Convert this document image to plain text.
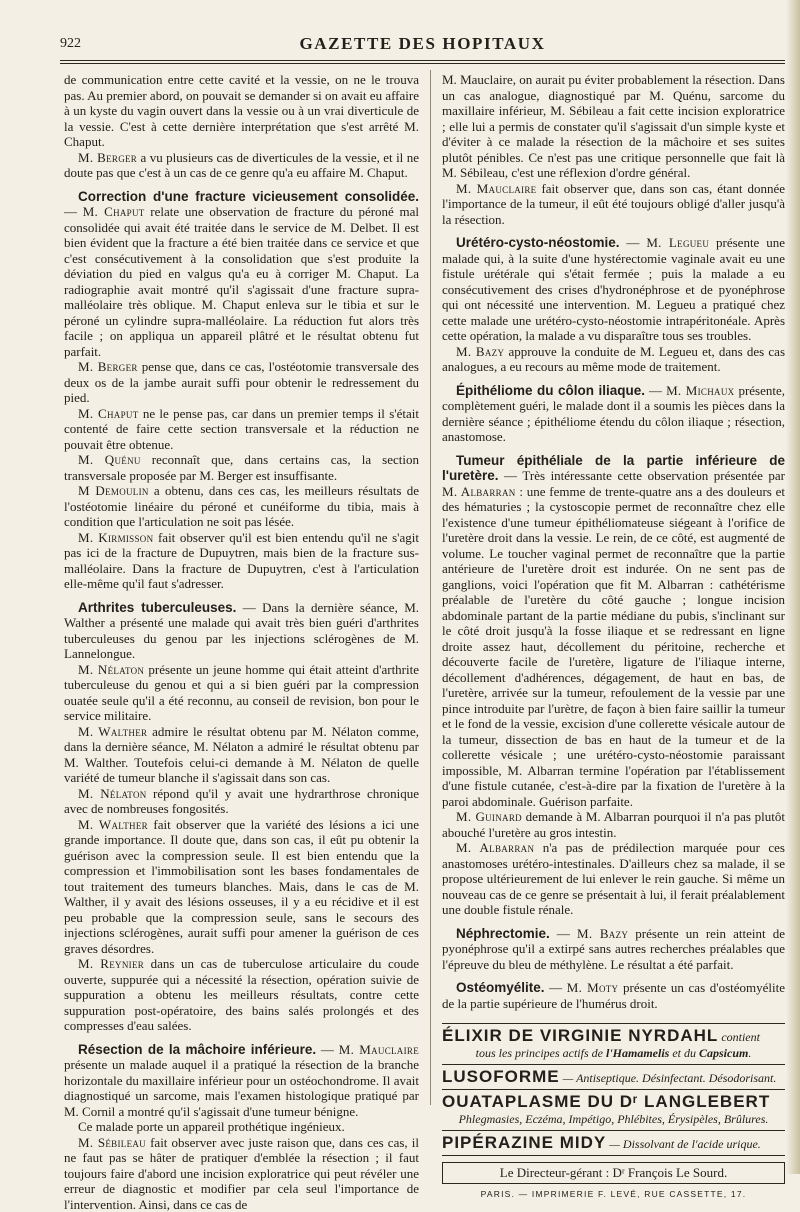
922	GAZETTE DES HOPITAUX

de communication entre cette cavité et la vessie, on ne le trouva pas. Au premier abord, on pouvait se demander si on avait eu affaire à un kyste du vagin ouvert dans la vessie ou à un vrai diverticule de la vessie. C'est à cette dernière interprétation que s'est arrêté M. Chaput.

M. Berger a vu plusieurs cas de diverticules de la vessie, et il ne doute pas que c'est à un cas de ce genre qu'a eu affaire M. Chaput.

Correction d'une fracture vicieusement consolidée. — M. Chaput relate une observation de fracture du péroné mal consolidée qui avait été traitée dans le service de M. Delbet. Il est bien évident que la fracture a été bien traitée dans ce service et que c'est consécutivement à la consolidation que s'est produite la déviation du pied en valgus qu'a eu à corriger M. Chaput. La radiographie avait montré qu'il s'agissait d'une fracture supra-malléolaire très oblique. M. Chaput enleva sur le tibia et sur le péroné un cylindre supra-malléolaire. La réduction fut alors très facile ; on appliqua un appareil plâtré et le résultat obtenu fut parfait.

M. Berger pense que, dans ce cas, l'ostéotomie transversale des deux os de la jambe aurait suffi pour obtenir le redressement du pied.

M. Chaput ne le pense pas, car dans un premier temps il s'était contenté de faire cette section transversale et la réduction ne pouvait être obtenue.

M. Quénu reconnaît que, dans certains cas, la section transversale proposée par M. Berger est insuffisante.

M Demoulin a obtenu, dans ces cas, les meilleurs résultats de l'ostéotomie linéaire du péroné et cunéiforme du tibia, mais à condition que l'articulation ne soit pas lésée.

M. Kirmisson fait observer qu'il est bien entendu qu'il ne s'agit pas ici de la fracture de Dupuytren, mais bien de la fracture sus-malléolaire. Dans la fracture de Dupuytren, c'est à l'articulation elle-même qu'il faut s'adresser.

Arthrites tuberculeuses. — Dans la dernière séance, M. Walther a présenté une malade qui avait très bien guéri d'arthrites tuberculeuses du genou par les injections sclérogènes de M. Lannelongue.

M. Nélaton présente un jeune homme qui était atteint d'arthrite tuberculeuse du genou et qui a si bien guéri par la compression ouatée seule qu'il a été reconnu, au conseil de revision, bon pour le service militaire.

M. Walther admire le résultat obtenu par M. Nélaton comme, dans la dernière séance, M. Nélaton a admiré le résultat obtenu par M. Walther. Toutefois celui-ci demande à M. Nélaton de quelle variété de tumeur blanche il s'agissait dans son cas.

M. Nélaton répond qu'il y avait une hydrarthrose chronique avec de nombreuses fongosités.

M. Walther fait observer que la variété des lésions a ici une grande importance. Il doute que, dans son cas, il eût pu obtenir la guérison avec la compression seule. Il est bien entendu que la compression et l'immobilisation sont les bases fondamentales de tout traitement des tumeurs blanches. Mais, dans le cas de M. Walther, il y avait des lésions osseuses, il y a eu récidive et il est peu probable que la compression seule, sans le secours des injections sclérogènes, aurait suffi pour amener la guérison de ces graves désordres.

M. Reynier dans un cas de tuberculose articulaire du coude ouverte, suppurée qui a nécessité la résection, opération suivie de suppuration a obtenu les meilleurs résultats, contre cette suppuration post-opératoire, des bains salés prolongés et des compresses d'eau salées.

Résection de la mâchoire inférieure. — M. Mauclaire présente un malade auquel il a pratiqué la résection de la branche horizontale du maxillaire inférieur pour un ostéochondrome. Il avait diagnostiqué un sarcome, mais l'examen histologique pratiqué par M. Cornil a montré qu'il s'agissait d'une tumeur bénigne.

Ce malade porte un appareil prothétique ingénieux.

M. Sébileau fait observer avec juste raison que, dans ces cas, il ne faut pas se hâter de pratiquer d'emblée la résection ; il faut toujours faire d'abord une incision exploratrice qui peut révéler une erreur de diagnostic et modifier par cela seul l'importance de l'intervention. Ainsi, dans ce cas de

M. Mauclaire, on aurait pu éviter probablement la résection. Dans un cas analogue, diagnostiqué par M. Quénu, sarcome du maxillaire inférieur, M. Sébileau a fait cette incision exploratrice ; elle lui a permis de constater qu'il s'agissait d'un simple kyste et d'éviter à ce malade la résection de la mâchoire et ses suites plutôt pénibles. Ce n'est pas une critique personnelle que fait là M. Sébileau, c'est une réflexion d'ordre général.

M. Mauclaire fait observer que, dans son cas, étant donnée l'importance de la tumeur, il eût été toujours obligé d'aller jusqu'à la résection.

Urétéro-cysto-néostomie. — M. Legueu présente une malade qui, à la suite d'une hystérectomie vaginale avait eu une fistule urétérale qui s'était fermée ; puis la malade a eu consécutivement des crises d'hydronéphrose et de pyonéphrose qui ont nécessité une intervention. M. Legueu a pratiqué chez cette malade une urétéro-cysto-néostomie intrapéritonéale. Après cette opération, la malade a vu disparaître tous ses troubles.

M. Bazy approuve la conduite de M. Legueu et, dans des cas analogues, a eu recours au même mode de traitement.

Épithéliome du côlon iliaque. — M. Michaux présente, complètement guéri, le malade dont il a soumis les pièces dans la dernière séance ; épithéliome étendu du côlon iliaque ; résection, anastomose.

Tumeur épithéliale de la partie inférieure de l'uretère. — Très intéressante cette observation présentée par M. Albarran : une femme de trente-quatre ans a des douleurs et des hématuries ; la cystoscopie permet de reconnaître chez elle l'existence d'une tumeur épithéliomateuse siégeant à l'orifice de l'uretère droit dans la vessie. Le rein, de ce côté, est augmenté de volume. Le toucher vaginal permet de reconnaître que la partie antérieure de l'uretère droit est indurée. On ne sent pas de ganglions, voici l'opération que fit M. Albarran : cathétérisme préalable de l'uretère du côté gauche ; longue incision abdominale partant de la partie médiane du pubis, s'inclinant sur le côté droit jusqu'à la fosse iliaque et se redressant en ligne droite assez haut, décollement du péritoine, recherche et découverte facile de l'uretère, ligature de l'iliaque interne, décollement d'adhérences, dégagement, de haut en bas, de l'uretère, arrivée sur la tumeur, refoulement de la vessie par une pince introduite par l'urètre, de façon à bien faire saillir la tumeur et le fond de la vessie, excision d'une collerette vésicale autour de la tumeur, dissection de bas en haut de la tumeur et de la collerette vésicale ; une urétéro-cysto-néostomie paraissant impossible, M. Albarran termine l'opération par l'établissement d'une fistule cutanée, c'est-à-dire par la fixation de l'uretère à la paroi abdominale. Guérison parfaite.

M. Guinard demande à M. Albarran pourquoi il n'a pas plutôt abouché l'uretère au gros intestin.

M. Albarran n'a pas de prédilection marquée pour ces anastomoses urétéro-intestinales. D'ailleurs chez sa malade, il se propose ultérieurement de lui enlever le rein gauche. Si même un nouveau cas de ce genre se présentait à lui, il ferait préalablement une double fistule rénale.

Néphrectomie. — M. Bazy présente un rein atteint de pyonéphrose qu'il a extirpé sans autres recherches préalables que l'épreuve du bleu de méthylène. Le résultat a été parfait.

Ostéomyélite. — M. Moty présente un cas d'ostéomyélite de la partie supérieure de l'humérus droit.

ÉLIXIR DE VIRGINIE NYRDAHL contient
tous les principes actifs de l'Hamamelis et du Capsicum.
LUSOFORME — Antiseptique. Désinfectant. Désodorisant.
OUATAPLASME DU Dʳ LANGLEBERT
Phlegmasies, Eczéma, Impétigo, Phlébites, Érysipèles, Brûlures.
PIPÉRAZINE MIDY — Dissolvant de l'acide urique.
Le Directeur-gérant : Dʳ François Le Sourd.
PARIS. — IMPRIMERIE F. LEVÉ, RUE CASSETTE, 17.
